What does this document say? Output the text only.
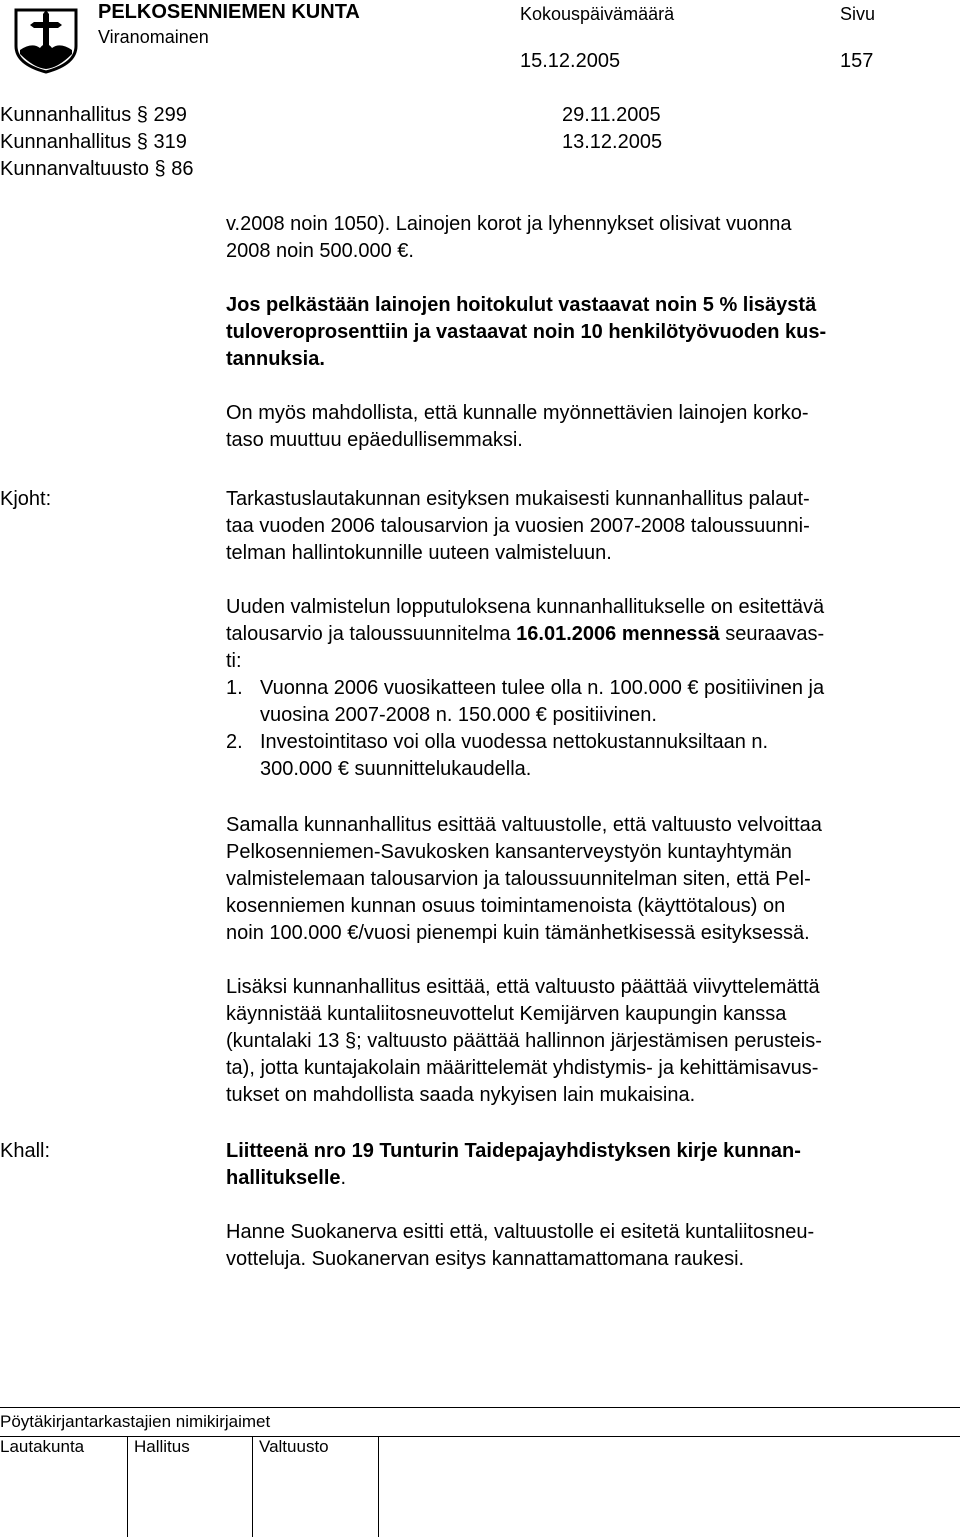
PELKOSENNIEMEN KUNTA
Viranomainen
Kokouspäivämäärä	Sivu
15.12.2005	157
Kunnanhallitus § 299	29.11.2005
Kunnanhallitus § 319	13.12.2005
Kunnanvaltuusto § 86
v.2008 noin 1050). Lainojen korot ja lyhennykset olisivat vuonna
2008 noin 500.000 €.
Jos pelkästään lainojen hoitokulut vastaavat noin 5 % lisäystä
tuloveroprosenttiin ja vastaavat noin 10 henkilötyövuoden kus-
tannuksia.
On myös mahdollista, että kunnalle myönnettävien lainojen korko-
taso muuttuu epäedullisemmaksi.
Kjoht:	Tarkastuslautakunnan esityksen mukaisesti kunnanhallitus palaut-
taa vuoden 2006 talousarvion ja vuosien 2007-2008 taloussuunni-
telman hallintokunnille uuteen valmisteluun.
Uuden valmistelun lopputuloksena kunnanhallitukselle on esitettävä
talousarvio ja taloussuunnitelma 16.01.2006 mennessä seuraavas-
ti:
1. Vuonna 2006 vuosikatteen tulee olla n. 100.000 € positiivinen ja
vuosina 2007-2008 n. 150.000 € positiivinen.
2. Investointitaso voi olla vuodessa nettokustannuksiltaan n.
300.000 € suunnittelukaudella.
Samalla kunnanhallitus esittää valtuustolle, että valtuusto velvoittaa
Pelkosenniemen-Savukosken kansanterveystyön kuntayhtymän
valmistelemaan talousarvion ja taloussuunnitelman siten, että Pel-
kosenniemen kunnan osuus toimintamenoista (käyttötalous) on
noin 100.000 €/vuosi pienempi kuin tämänhetkisessä esityksessä.
Lisäksi kunnanhallitus esittää, että valtuusto päättää viivyttelemättä
käynnistää kuntaliitosneuvottelut Kemijärven kaupungin kanssa
(kuntalaki 13 §; valtuusto päättää hallinnon järjestämisen perusteis-
ta), jotta kuntajakolain määrittelemät yhdistymis- ja kehittämisavus-
tukset on mahdollista saada nykyisen lain mukaisina.
Khall:	Liitteenä nro 19 Tunturin Taidepajayhdistyksen kirje kunnan-
hallitukselle.
Hanne Suokanerva esitti että, valtuustolle ei esitetä kuntaliitosneu-
votteluja. Suokanervan esitys kannattamattomana raukesi.
Pöytäkirjantarkastajien nimikirjaimet
Lautakunta	Hallitus	Valtuusto
